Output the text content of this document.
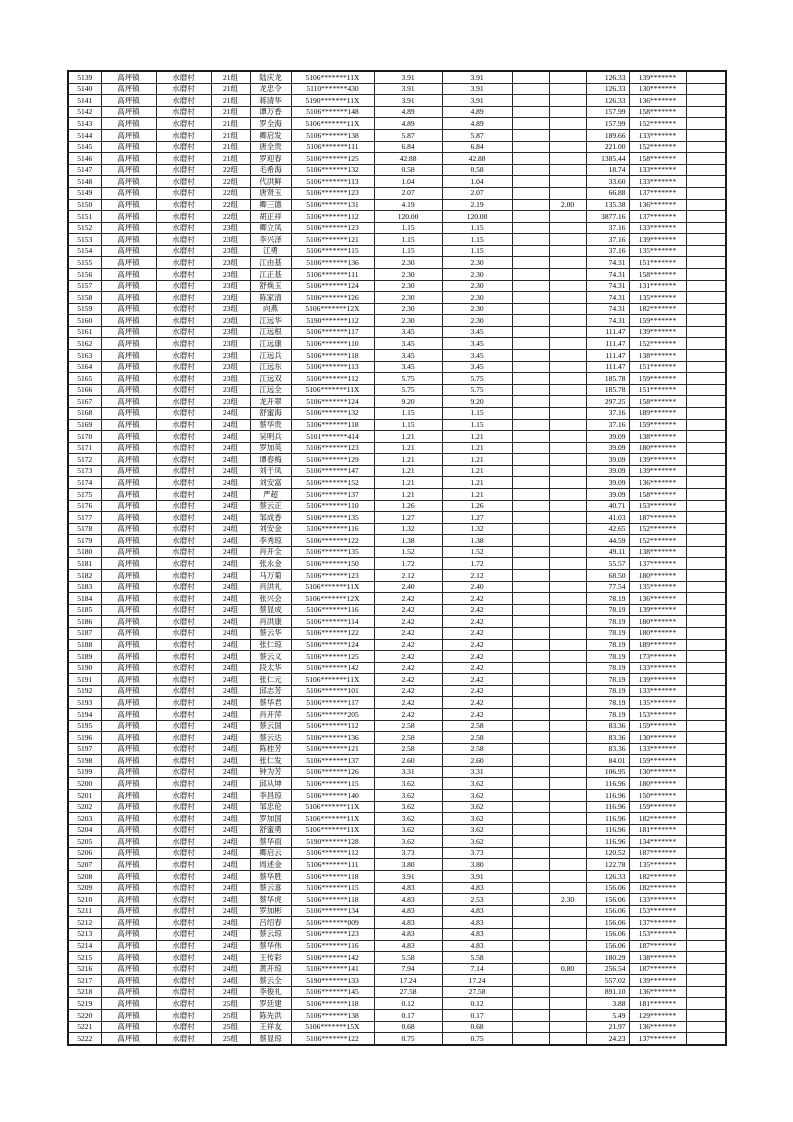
5139	高坪镇	水磨村	21组	陆庆龙	5106*******11X	3.91	3.91			126.33	139*******	
5140	高坪镇	水磨村	21组	龙忠令	5110*******430	3.91	3.91			126.33	130*******	
5141	高坪镇	水磨村	21组	蒋清华	5190*******11X	3.91	3.91			126.33	136*******	
5142	高坪镇	水磨村	21组	谭万香	5106*******148	4.89	4.89			157.99	158*******	
5143	高坪镇	水磨村	21组	罗全海	5106*******11X	4.89	4.89			157.99	152*******	
5144	高坪镇	水磨村	21组	卿启发	5106*******138	5.87	5.87			189.66	133*******	
5145	高坪镇	水磨村	21组	唐全贵	5106*******111	6.84	6.84			221.00	152*******	
5146	高坪镇	水磨村	21组	罗迎春	5106*******125	42.88	42.88			1385.44	158*******	
5147	高坪镇	水磨村	22组	毛希海	5106*******132	0.58	0.58			18.74	133*******	
5148	高坪镇	水磨村	22组	代洪鲜	5106*******113	1.04	1.04			33.60	133*******	
5149	高坪镇	水磨村	22组	唐贤玉	5106*******123	2.07	2.07			66.88	137*******	
5150	高坪镇	水磨村	22组	卿三德	5106*******131	4.19	2.19		2.00	135.38	136*******	
5151	高坪镇	水磨村	22组	胡正祥	5106*******112	120.00	120.00			3877.16	137*******	
5152	高坪镇	水磨村	23组	卿立凤	5106*******123	1.15	1.15			37.16	133*******	
5153	高坪镇	水磨村	23组	李兴泽	5106*******121	1.15	1.15			37.16	139*******	
5154	高坪镇	水磨村	23组	江勇	5106*******115	1.15	1.15			37.16	135*******	
5155	高坪镇	水磨村	23组	江由基	5106*******136	2.30	2.30			74.31	151*******	
5156	高坪镇	水磨村	23组	江正基	5106*******111	2.30	2.30			74.31	158*******	
5157	高坪镇	水磨村	23组	舒焕玉	5106*******124	2.30	2.30			74.31	131*******	
5158	高坪镇	水磨村	23组	陈家清	5106*******126	2.30	2.30			74.31	135*******	
5159	高坪镇	水磨村	23组	向燕	5106*******12X	2.30	2.30			74.31	182*******	
5160	高坪镇	水磨村	23组	江远华	5190*******112	2.30	2.30			74.31	159*******	
5161	高坪镇	水磨村	23组	江远根	5106*******117	3.45	3.45			111.47	139*******	
5162	高坪镇	水磨村	23组	江远康	5106*******110	3.45	3.45			111.47	152*******	
5163	高坪镇	水磨村	23组	江远兵	5106*******118	3.45	3.45			111.47	138*******	
5164	高坪镇	水磨村	23组	江远东	5106*******113	3.45	3.45			111.47	151*******	
5165	高坪镇	水磨村	23组	江远双	5106*******112	5.75	5.75			185.78	159*******	
5166	高坪镇	水磨村	23组	江远全	5106*******11X	5.75	5.75			185.78	151*******	
5167	高坪镇	水磨村	23组	龙开翠	5106*******124	9.20	9.20			297.25	158*******	
5168	高坪镇	水磨村	24组	舒蜜海	5106*******132	1.15	1.15			37.16	189*******	
5169	高坪镇	水磨村	24组	蔡华贵	5106*******118	1.15	1.15			37.16	159*******	
5170	高坪镇	水磨村	24组	吴明兵	5101*******414	1.21	1.21			39.09	138*******	
5171	高坪镇	水磨村	24组	罗加英	5106*******123	1.21	1.21			39.09	180*******	
5172	高坪镇	水磨村	24组	谭春梅	5106*******129	1.21	1.21			39.09	139*******	
5173	高坪镇	水磨村	24组	刘于凤	5106*******147	1.21	1.21			39.09	139*******	
5174	高坪镇	水磨村	24组	刘安富	5106*******152	1.21	1.21			39.09	136*******	
5175	高坪镇	水磨村	24组	严超	5106*******137	1.21	1.21			39.09	158*******	
5176	高坪镇	水磨村	24组	蔡云正	5106*******110	1.26	1.26			40.71	153*******	
5177	高坪镇	水磨村	24组	邹成香	5106*******135	1.27	1.27			41.03	187*******	
5178	高坪镇	水磨村	24组	刘安金	5106*******116	1.32	1.32			42.65	152*******	
5179	高坪镇	水磨村	24组	李秀琼	5106*******122	1.38	1.38			44.59	152*******	
5180	高坪镇	水磨村	24组	肖开全	5106*******135	1.52	1.52			49.11	138*******	
5181	高坪镇	水磨村	24组	张永金	5106*******150	1.72	1.72			55.57	137*******	
5182	高坪镇	水磨村	24组	马万菊	5106*******123	2.12	2.12			68.50	180*******	
5183	高坪镇	水磨村	24组	肖洪礼	5106*******11X	2.40	2.40			77.54	135*******	
5184	高坪镇	水磨村	24组	张兴会	5106*******12X	2.42	2.42			78.19	136*******	
5185	高坪镇	水磨村	24组	蔡显成	5106*******116	2.42	2.42			78.19	139*******	
5186	高坪镇	水磨村	24组	肖洪康	5106*******114	2.42	2.42			78.19	180*******	
5187	高坪镇	水磨村	24组	蔡云华	5106*******122	2.42	2.42			78.19	180*******	
5188	高坪镇	水磨村	24组	张仁琼	5106*******124	2.42	2.42			78.19	189*******	
5189	高坪镇	水磨村	24组	蔡云义	5106*******125	2.42	2.42			78.19	173*******	
5190	高坪镇	水磨村	24组	段太华	5106*******142	2.42	2.42			78.19	133*******	
5191	高坪镇	水磨村	24组	张仁元	5106*******11X	2.42	2.42			78.19	139*******	
5192	高坪镇	水磨村	24组	邱志芳	5106*******101	2.42	2.42			78.19	133*******	
5193	高坪镇	水磨村	24组	蔡华君	5106*******117	2.42	2.42			78.19	135*******	
5194	高坪镇	水磨村	24组	肖开萍	5106*******205	2.42	2.42			78.19	153*******	
5195	高坪镇	水磨村	24组	蔡云国	5106*******112	2.58	2.58			83.36	159*******	
5196	高坪镇	水磨村	24组	蔡云达	5106*******136	2.58	2.58			83.36	130*******	
5197	高坪镇	水磨村	24组	陈桂芳	5106*******121	2.58	2.58			83.36	133*******	
5198	高坪镇	水磨村	24组	张仁发	5106*******137	2.60	2.60			84.01	159*******	
5199	高坪镇	水磨村	24组	钟为芳	5106*******126	3.31	3.31			106.95	130*******	
5200	高坪镇	水磨村	24组	邱从坤	5106*******115	3.62	3.62			116.96	180*******	
5201	高坪镇	水磨村	24组	李昌琼	5106*******140	3.62	3.62			116.96	150*******	
5202	高坪镇	水磨村	24组	邹忠伦	5106*******11X	3.62	3.62			116.96	159*******	
5203	高坪镇	水磨村	24组	罗加国	5106*******11X	3.62	3.62			116.96	182*******	
5204	高坪镇	水磨村	24组	舒蜜勇	5106*******11X	3.62	3.62			116.96	181*******	
5205	高坪镇	水磨村	24组	蔡华雨	5190*******128	3.62	3.62			116.96	134*******	
5206	高坪镇	水磨村	24组	卿启云	5106*******112	3.73	3.73			120.52	187*******	
5207	高坪镇	水磨村	24组	周述金	5106*******111	3.80	3.80			122.78	135*******	
5208	高坪镇	水磨村	24组	蔡华胜	5106*******118	3.91	3.91			126.33	182*******	
5209	高坪镇	水磨村	24组	蔡云喜	5106*******115	4.83	4.83			156.06	182*******	
5210	高坪镇	水磨村	24组	蔡华虎	5106*******118	4.83	2.53		2.30	156.06	133*******	
5211	高坪镇	水磨村	24组	罗加彬	5106*******134	4.83	4.83			156.06	153*******	
5212	高坪镇	水磨村	24组	吕绍春	5106*******009	4.83	4.83			156.06	137*******	
5213	高坪镇	水磨村	24组	蔡云琼	5106*******123	4.83	4.83			156.06	153*******	
5214	高坪镇	水磨村	24组	蔡华伟	5106*******116	4.83	4.83			156.06	187*******	
5215	高坪镇	水磨村	24组	王传彩	5106*******142	5.58	5.58			180.29	138*******	
5216	高坪镇	水磨村	24组	黄开琼	5106*******141	7.94	7.14		0.80	256.54	187*******	
5217	高坪镇	水磨村	24组	蔡云全	5190*******133	17.24	17.24			557.02	139*******	
5218	高坪镇	水磨村	24组	李俊礼	5106*******145	27.58	27.58			891.10	136*******	
5219	高坪镇	水磨村	25组	罗廷建	5106*******118	0.12	0.12			3.88	181*******	
5220	高坪镇	水磨村	25组	陈先洪	5106*******138	0.17	0.17			5.49	129*******	
5221	高坪镇	水磨村	25组	王祥友	5106*******15X	0.68	0.68			21.97	136*******	
5222	高坪镇	水磨村	25组	蔡显琼	5106*******122	0.75	0.75			24.23	137*******	
